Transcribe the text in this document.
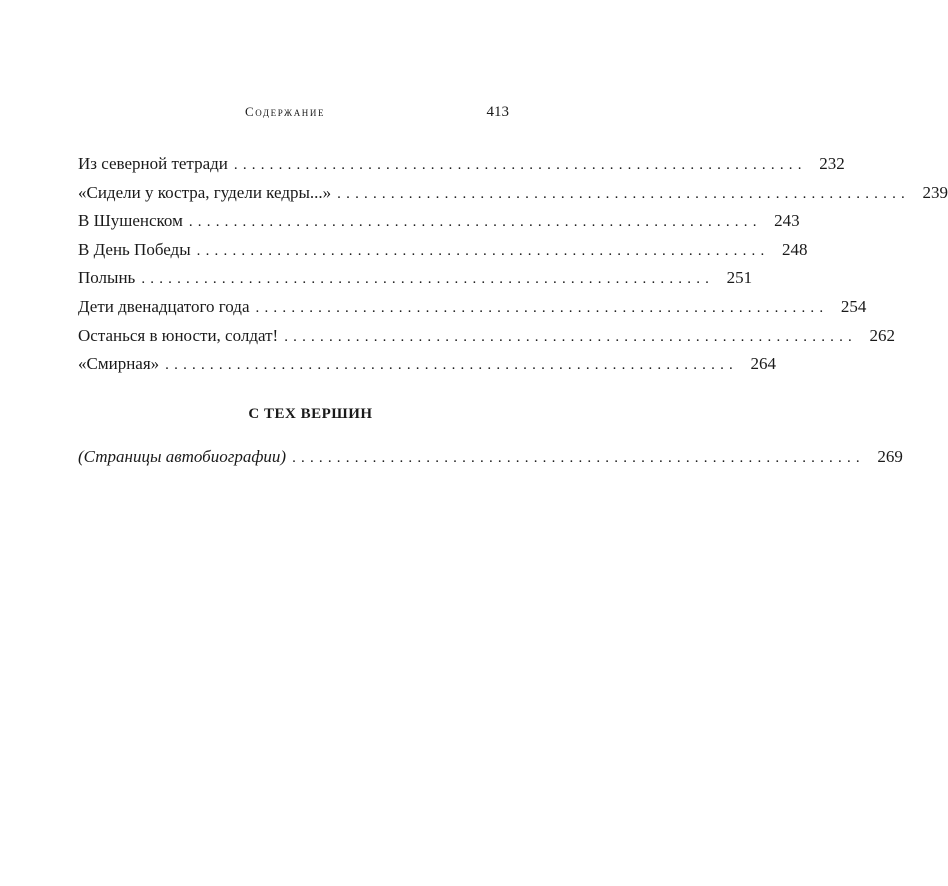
Содержание	413
Из северной тетради ................................................................ 232
«Сидели у костра, гудели кедры...» ................................................................ 239
В Шушенском ................................................................ 243
В День Победы ................................................................ 248
Полынь ................................................................ 251
Дети двенадцатого года ................................................................ 254
Останься в юности, солдат! ................................................................ 262
«Смирная» ................................................................ 264
С ТЕХ ВЕРШИН
(Страницы автобиографии) ................................................................ 269
